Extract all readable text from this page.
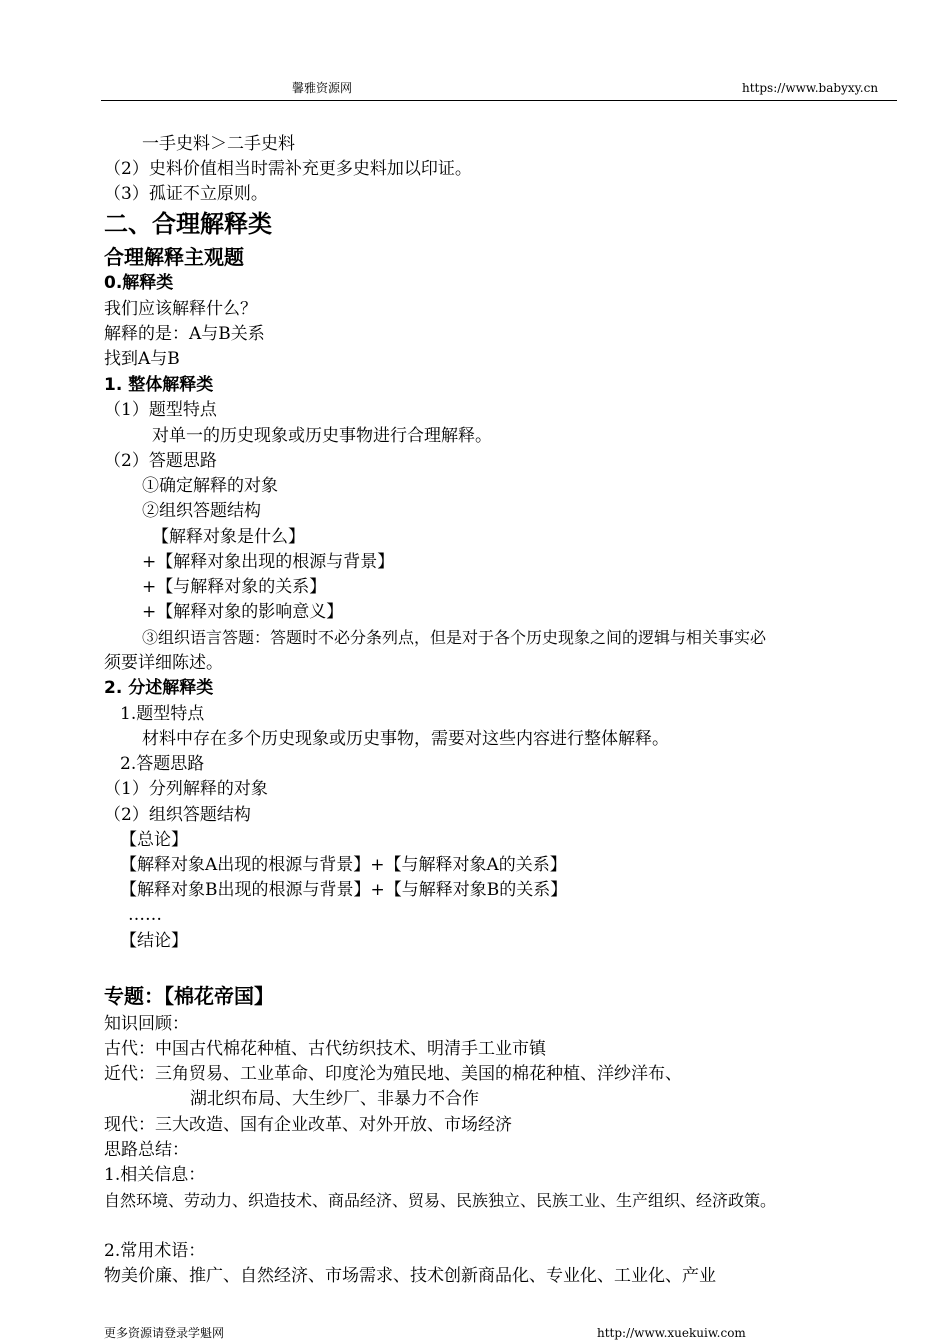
馨雅资源网	https://www.babyxy.cn
一手史料＞二手史料
（2）史料价值相当时需补充更多史料加以印证。
（3）孤证不立原则。
二、合理解释类
合理解释主观题
0.解释类
我们应该解释什么？
解释的是：A与B关系
找到A与B
1. 整体解释类
（1）题型特点
对单一的历史现象或历史事物进行合理解释。
（2）答题思路
①确定解释的对象
②组织答题结构
【解释对象是什么】
+【解释对象出现的根源与背景】
+【与解释对象的关系】
+【解释对象的影响意义】
③组织语言答题：答题时不必分条列点，但是对于各个历史现象之间的逻辑与相关事实必
须要详细陈述。
2. 分述解释类
1.题型特点
材料中存在多个历史现象或历史事物，需要对这些内容进行整体解释。
2.答题思路
（1）分列解释的对象
（2）组织答题结构
【总论】
【解释对象A出现的根源与背景】+【与解释对象A的关系】
【解释对象B出现的根源与背景】+【与解释对象B的关系】
……
【结论】
专题：【棉花帝国】
知识回顾：
古代：中国古代棉花种植、古代纺织技术、明清手工业市镇
近代：三角贸易、工业革命、印度沦为殖民地、美国的棉花种植、洋纱洋布、
湖北织布局、大生纱厂、非暴力不合作
现代：三大改造、国有企业改革、对外开放、市场经济
思路总结：
1.相关信息：
自然环境、劳动力、织造技术、商品经济、贸易、民族独立、民族工业、生产组织、经济政策。
2.常用术语：
物美价廉、推广、自然经济、市场需求、技术创新商品化、专业化、工业化、产业
更多资源请登录学魁网	http://www.xuekuiw.com
